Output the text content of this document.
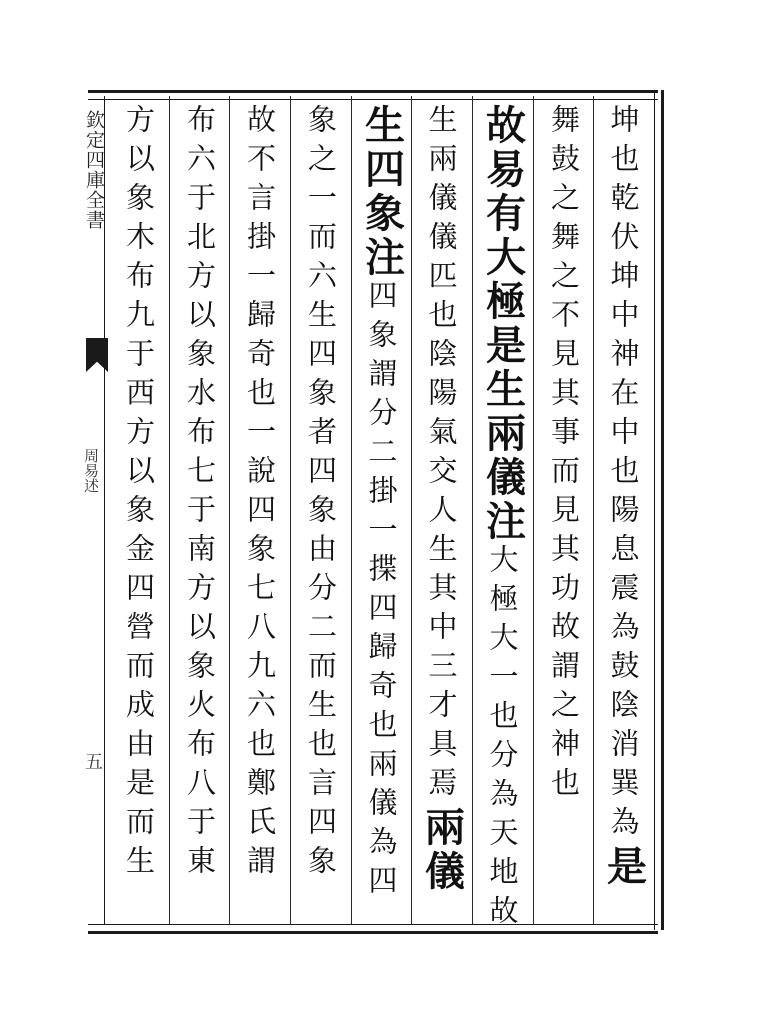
欽定四庫全書
周易述
五	坤也乾伏坤中神在中也陽息震為鼓陰消巽為是
舞鼓之舞之不見其事而見其功故謂之神也
故易有大極是生兩儀注大極大一也分為天地故
生兩儀儀匹也陰陽氣交人生其中三才具焉兩儀
生四象注四象謂分二掛一揲四歸奇也兩儀為四
象之一而六生四象者四象由分二而生也言四象
故不言掛一歸奇也一說四象七八九六也鄭氏謂
布六于北方以象水布七于南方以象火布八于東
方以象木布九于西方以象金四營而成由是而生
